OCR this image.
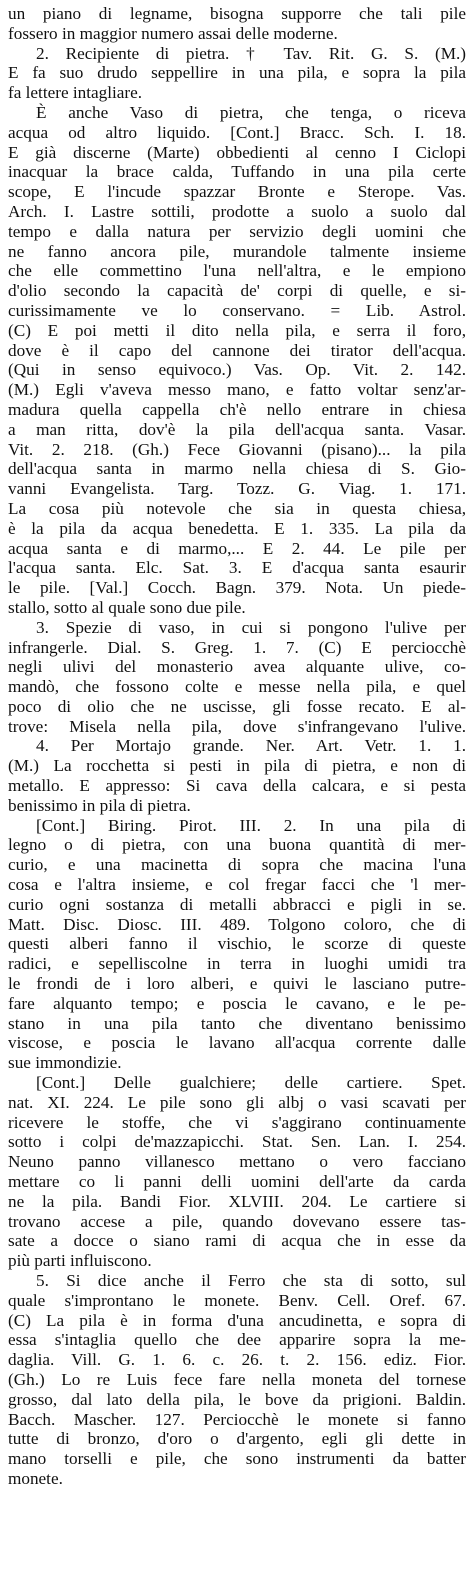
un piano di legname, bisogna supporre che tali pile
fossero in maggior numero assai delle moderne.
2. Recipiente di pietra. † Tav. Rit. G. S. (M.)
E fa suo drudo seppellire in una pila, e sopra la pila
fa lettere intagliare.
È anche Vaso di pietra, che tenga, o riceva
acqua od altro liquido. [Cont.] Bracc. Sch. I. 18.
E già discerne (Marte) obbedienti al cenno I Ciclopi
inacquar la brace calda, Tuffando in una pila certe
scope, E l'incude spazzar Bronte e Sterope. Vas.
Arch. I. Lastre sottili, prodotte a suolo a suolo dal
tempo e dalla natura per servizio degli uomini che
ne fanno ancora pile, murandole talmente insieme
che elle commettino l'una nell'altra, e le empiono
d'olio secondo la capacità de' corpi di quelle, e si-
curissimamente ve lo conservano. = Lib. Astrol.
(C) E poi metti il dito nella pila, e serra il foro,
dove è il capo del cannone dei tirator dell'acqua.
(Qui in senso equivoco.) Vas. Op. Vit. 2. 142.
(M.) Egli v'aveva messo mano, e fatto voltar senz'ar-
madura quella cappella ch'è nello entrare in chiesa
a man ritta, dov'è la pila dell'acqua santa. Vasar.
Vit. 2. 218. (Gh.) Fece Giovanni (pisano)... la pila
dell'acqua santa in marmo nella chiesa di S. Gio-
vanni Evangelista. Targ. Tozz. G. Viag. 1. 171.
La cosa più notevole che sia in questa chiesa,
è la pila da acqua benedetta. E 1. 335. La pila da
acqua santa e di marmo,... E 2. 44. Le pile per
l'acqua santa. Elc. Sat. 3. E d'acqua santa esaurir
le pile. [Val.] Cocch. Bagn. 379. Nota. Un piede-
stallo, sotto al quale sono due pile.
3. Spezie di vaso, in cui si pongono l'ulive per
infrangerle. Dial. S. Greg. 1. 7. (C) E perciocchè
negli ulivi del monasterio avea alquante ulive, co-
mandò, che fossono colte e messe nella pila, e quel
poco di olio che ne uscisse, gli fosse recato. E al-
trove: Misela nella pila, dove s'infrangevano l'ulive.
4. Per Mortajo grande. Ner. Art. Vetr. 1. 1.
(M.) La rocchetta si pesti in pila di pietra, e non di
metallo. E appresso: Si cava della calcara, e si pesta
benissimo in pila di pietra.
[Cont.] Biring. Pirot. III. 2. In una pila di
legno o di pietra, con una buona quantità di mer-
curio, e una macinetta di sopra che macina l'una
cosa e l'altra insieme, e col fregar facci che 'l mer-
curio ogni sostanza di metalli abbracci e pigli in se.
Matt. Disc. Diosc. III. 489. Tolgono coloro, che di
questi alberi fanno il vischio, le scorze di queste
radici, e sepelliscolne in terra in luoghi umidi tra
le frondi de i loro alberi, e quivi le lasciano putre-
fare alquanto tempo; e poscia le cavano, e le pe-
stano in una pila tanto che diventano benissimo
viscose, e poscia le lavano all'acqua corrente dalle
sue immondizie.
[Cont.] Delle gualchiere; delle cartiere. Spet.
nat. XI. 224. Le pile sono gli albj o vasi scavati per
ricevere le stoffe, che vi s'aggirano continuamente
sotto i colpi de'mazzapicchi. Stat. Sen. Lan. I. 254.
Neuno panno villanesco mettano o vero facciano
mettare co li panni delli uomini dell'arte da carda
ne la pila. Bandi Fior. XLVIII. 204. Le cartiere si
trovano accese a pile, quando dovevano essere tas-
sate a docce o siano rami di acqua che in esse da
più parti influiscono.
5. Si dice anche il Ferro che sta di sotto, sul
quale s'improntano le monete. Benv. Cell. Oref. 67.
(C) La pila è in forma d'una ancudinetta, e sopra di
essa s'intaglia quello che dee apparire sopra la me-
daglia. Vill. G. 1. 6. c. 26. t. 2. 156. ediz. Fior.
(Gh.) Lo re Luis fece fare nella moneta del tornese
grosso, dal lato della pila, le bove da prigioni. Baldin.
Bacch. Mascher. 127. Perciocchè le monete si fanno
tutte di bronzo, d'oro o d'argento, egli gli dette in
mano torselli e pile, che sono instrumenti da batter
monete.
